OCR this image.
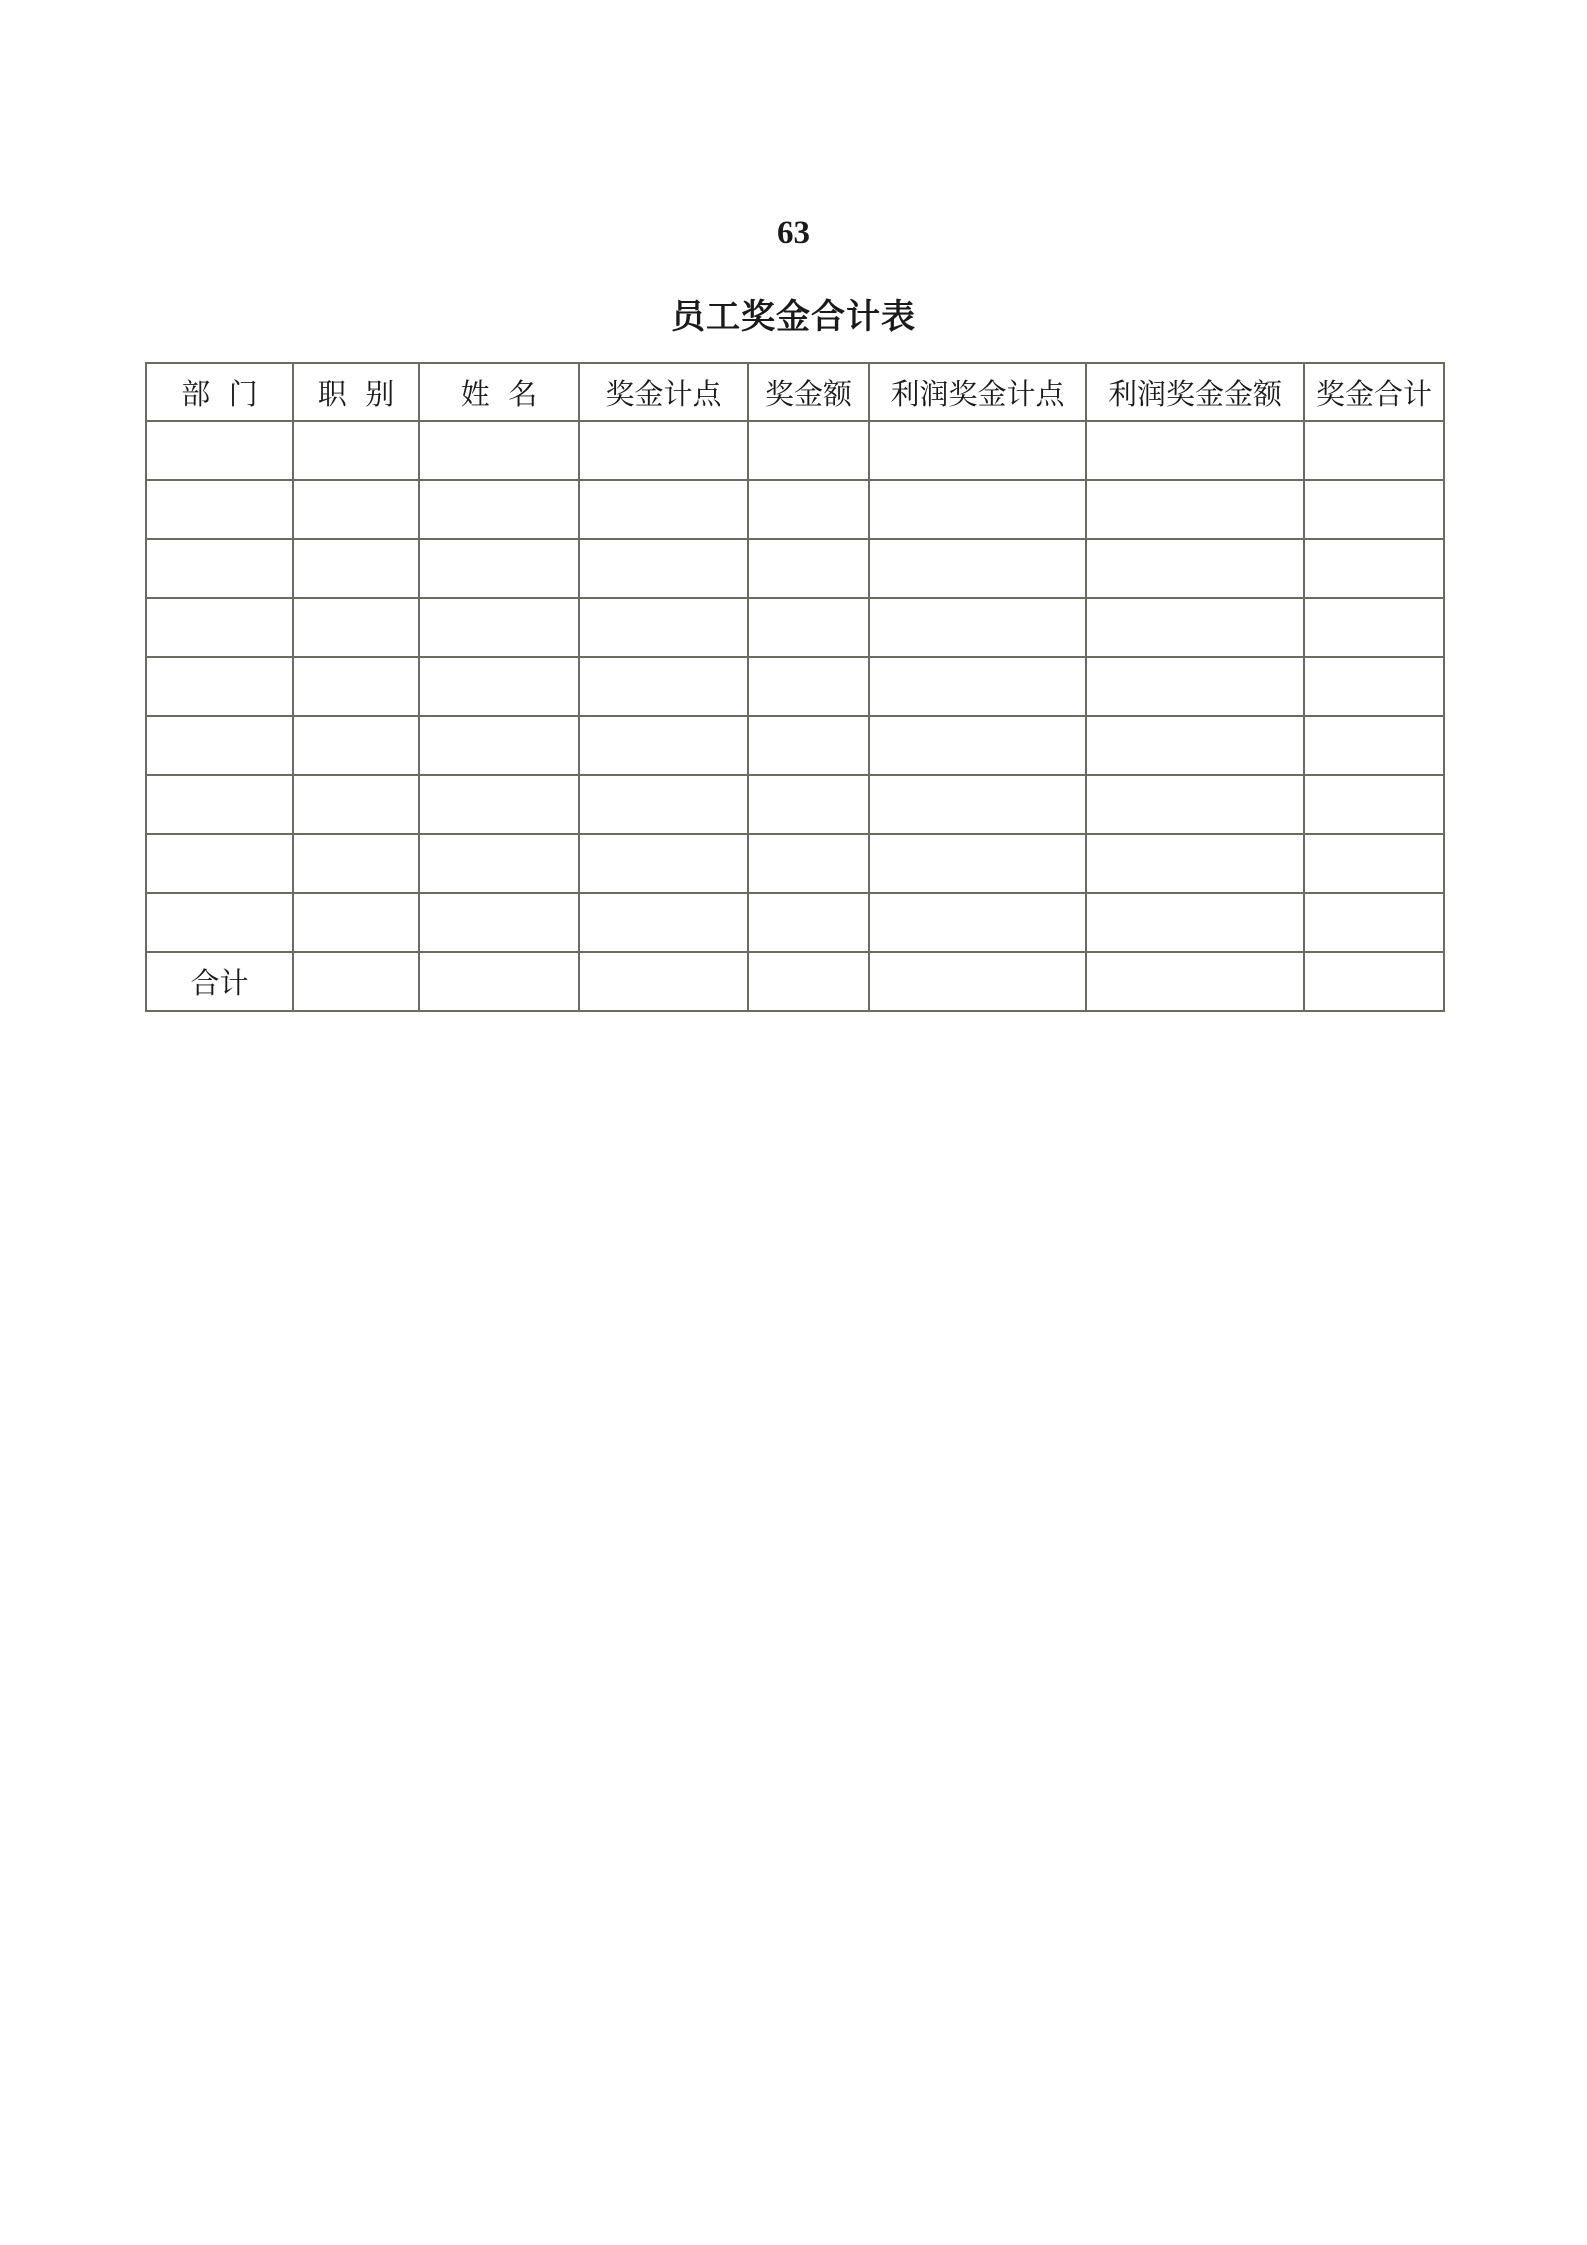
63
员工奖金合计表
部  门	职  别	姓  名	奖金计点	奖金额	利润奖金计点	利润奖金金额	奖金合计

合计							
